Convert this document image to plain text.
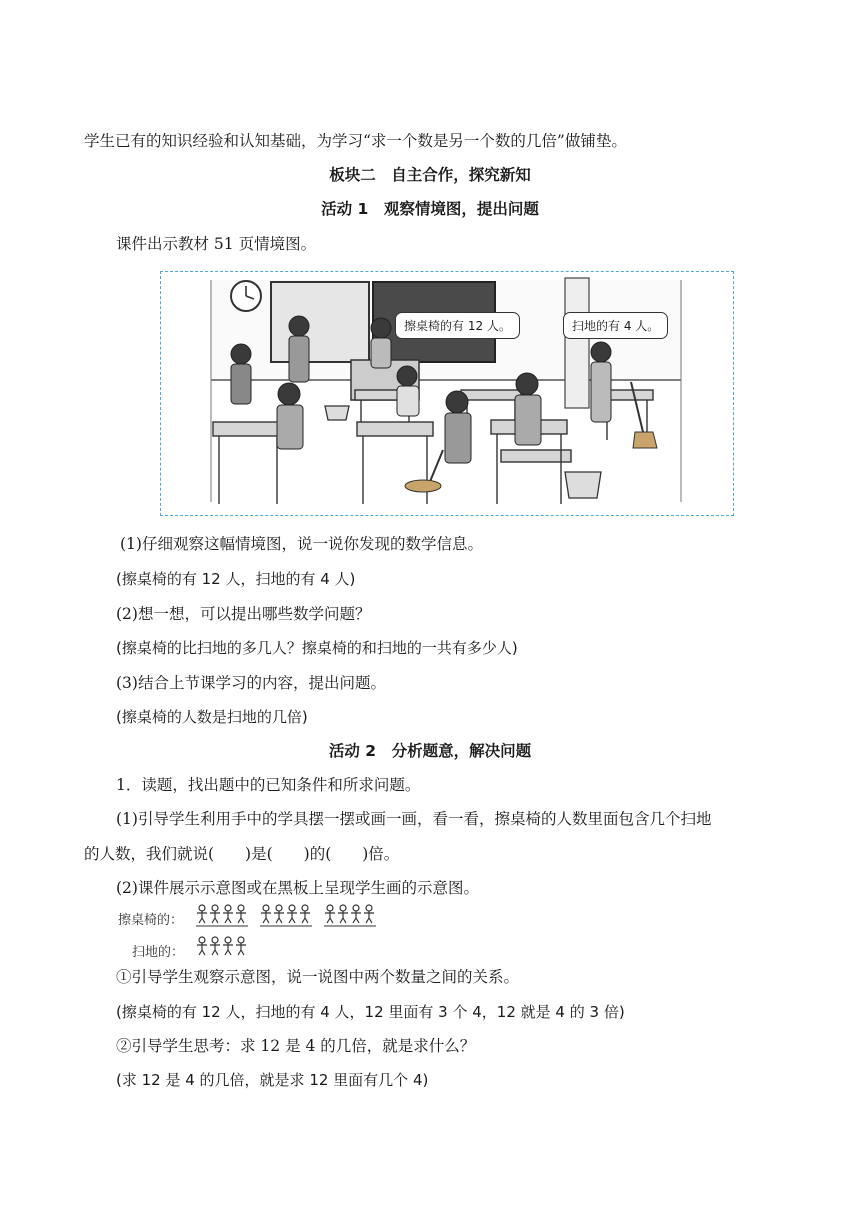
学生已有的知识经验和认知基础，为学习“求一个数是另一个数的几倍”做铺垫。
板块二　自主合作，探究新知
活动 1　观察情境图，提出问题
课件出示教材 51 页情境图。
擦桌椅的有 12 人。	扫地的有 4 人。
(1)仔细观察这幅情境图，说一说你发现的数学信息。
(擦桌椅的有 12 人，扫地的有 4 人)
(2)想一想，可以提出哪些数学问题？
(擦桌椅的比扫地的多几人？擦桌椅的和扫地的一共有多少人)
(3)结合上节课学习的内容，提出问题。
(擦桌椅的人数是扫地的几倍)
活动 2　分析题意，解决问题
1．读题，找出题中的已知条件和所求问题。
(1)引导学生利用手中的学具摆一摆或画一画，看一看，擦桌椅的人数里面包含几个扫地
的人数，我们就说(　　)是(　　)的(　　)倍。
(2)课件展示示意图或在黑板上呈现学生画的示意图。
擦桌椅的：
扫地的：
①引导学生观察示意图，说一说图中两个数量之间的关系。
(擦桌椅的有 12 人，扫地的有 4 人，12 里面有 3 个 4，12 就是 4 的 3 倍)
②引导学生思考：求 12 是 4 的几倍，就是求什么？
(求 12 是 4 的几倍，就是求 12 里面有几个 4)
